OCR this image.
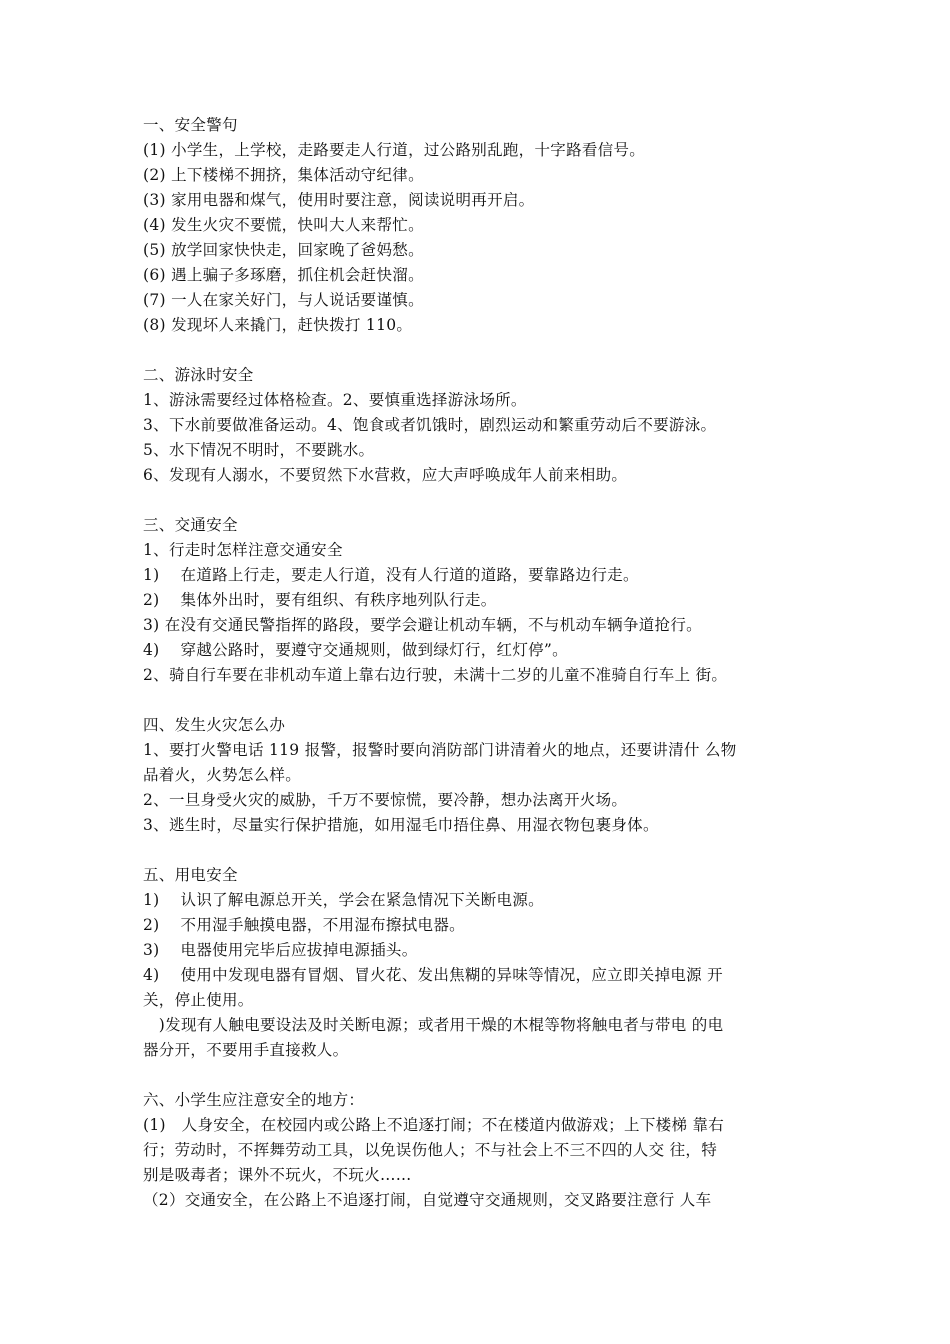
一、安全警句
(1) 小学生，上学校，走路要走人行道，过公路别乱跑，十字路看信号。
(2) 上下楼梯不拥挤，集体活动守纪律。
(3) 家用电器和煤气，使用时要注意，阅读说明再开启。
(4) 发生火灾不要慌，快叫大人来帮忙。
(5) 放学回家快快走，回家晚了爸妈愁。
(6) 遇上骗子多琢磨，抓住机会赶快溜。
(7) 一人在家关好门，与人说话要谨慎。
(8) 发现坏人来撬门，赶快拨打 110。
二、游泳时安全
1、游泳需要经过体格检查。2、要慎重选择游泳场所。
3、下水前要做准备运动。4、饱食或者饥饿时，剧烈运动和繁重劳动后不要游泳。
5、水下情况不明时，不要跳水。
6、发现有人溺水，不要贸然下水营救，应大声呼唤成年人前来相助。
三、交通安全
1、行走时怎样注意交通安全
1)　 在道路上行走，要走人行道，没有人行道的道路，要靠路边行走。
2)　 集体外出时，要有组织、有秩序地列队行走。
3) 在没有交通民警指挥的路段，要学会避让机动车辆，不与机动车辆争道抢行。
4)　 穿越公路时，要遵守交通规则，做到绿灯行，红灯停”。
2、骑自行车要在非机动车道上靠右边行驶，未满十二岁的儿童不准骑自行车上 街。
四、发生火灾怎么办
1、要打火警电话 119 报警，报警时要向消防部门讲清着火的地点，还要讲清什 么物
品着火，火势怎么样。
2、一旦身受火灾的威胁，千万不要惊慌，要冷静，想办法离开火场。
3、逃生时，尽量实行保护措施，如用湿毛巾捂住鼻、用湿衣物包裹身体。
五、用电安全
1)　 认识了解电源总开关，学会在紧急情况下关断电源。
2)　 不用湿手触摸电器，不用湿布擦拭电器。
3)　 电器使用完毕后应拔掉电源插头。
4)　 使用中发现电器有冒烟、冒火花、发出焦糊的异味等情况，应立即关掉电源 开
关，停止使用。
　)发现有人触电要设法及时关断电源；或者用干燥的木棍等物将触电者与带电 的电
器分开，不要用手直接救人。
六、小学生应注意安全的地方：
(1)　人身安全，在校园内或公路上不追逐打闹；不在楼道内做游戏；上下楼梯 靠右
行；劳动时，不挥舞劳动工具，以免误伤他人；不与社会上不三不四的人交 往，特
别是吸毒者；课外不玩火，不玩火……
（2）交通安全，在公路上不追逐打闹，自觉遵守交通规则，交叉路要注意行 人车
